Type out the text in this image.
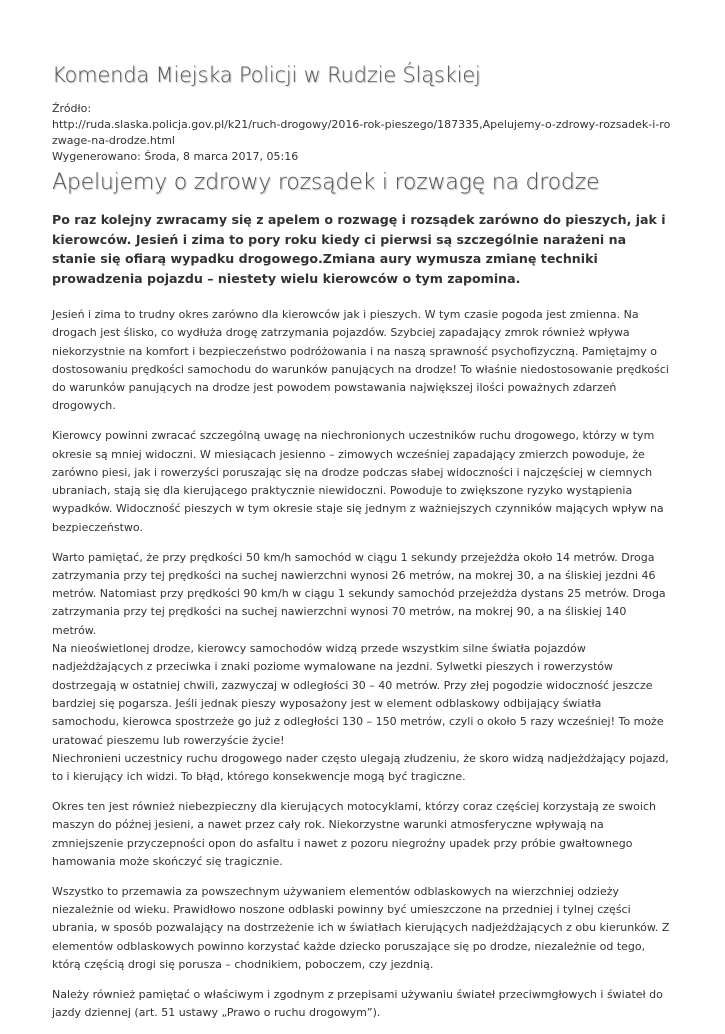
Komenda Miejska Policji w Rudzie Śląskiej
Źródło:
http://ruda.slaska.policja.gov.pl/k21/ruch-drogowy/2016-rok-pieszego/187335,Apelujemy-o-zdrowy-rozsadek-i-rozwage-na-drodze.html
Wygenerowano: Środa, 8 marca 2017, 05:16
Apelujemy o zdrowy rozsądek i rozwagę na drodze
Po raz kolejny zwracamy się z apelem o rozwagę i rozsądek zarówno do pieszych, jak i kierowców. Jesień i zima to pory roku kiedy ci pierwsi są szczególnie narażeni na stanie się ofiarą wypadku drogowego.Zmiana aury wymusza zmianę techniki prowadzenia pojazdu – niestety wielu kierowców o tym zapomina.

Jesień i zima to trudny okres zarówno dla kierowców jak i pieszych. W tym czasie pogoda jest zmienna. Na drogach jest ślisko, co wydłuża drogę zatrzymania pojazdów. Szybciej zapadający zmrok również wpływa niekorzystnie na komfort i bezpieczeństwo podróżowania i na naszą sprawność psychofizyczną. Pamiętajmy o dostosowaniu prędkości samochodu do warunków panujących na drodze! To właśnie niedostosowanie prędkości do warunków panujących na drodze jest powodem powstawania największej ilości poważnych zdarzeń drogowych.

Kierowcy powinni zwracać szczególną uwagę na niechronionych uczestników ruchu drogowego, którzy w tym okresie są mniej widoczni. W miesiącach jesienno – zimowych wcześniej zapadający zmierzch powoduje, że zarówno piesi, jak i rowerzyści poruszając się na drodze podczas słabej widoczności i najczęściej w ciemnych ubraniach, stają się dla kierującego praktycznie niewidoczni. Powoduje to zwiększone ryzyko wystąpienia wypadków. Widoczność pieszych w tym okresie staje się jednym z ważniejszych czynników mających wpływ na bezpieczeństwo.

Warto pamiętać, że przy prędkości 50 km/h samochód w ciągu 1 sekundy przejeżdża około 14 metrów. Droga zatrzymania przy tej prędkości na suchej nawierzchni wynosi 26 metrów, na mokrej 30, a na śliskiej jezdni 46 metrów. Natomiast przy prędkości 90 km/h w ciągu 1 sekundy samochód przejeżdża dystans 25 metrów. Droga zatrzymania przy tej prędkości na suchej nawierzchni wynosi 70 metrów, na mokrej 90, a na śliskiej 140 metrów.
Na nieoświetlonej drodze, kierowcy samochodów widzą przede wszystkim silne światła pojazdów nadjeżdżających z przeciwka i znaki poziome wymalowane na jezdni. Sylwetki pieszych i rowerzystów dostrzegają w ostatniej chwili, zazwyczaj w odległości 30 – 40 metrów. Przy złej pogodzie widoczność jeszcze bardziej się pogarsza. Jeśli jednak pieszy wyposażony jest w element odblaskowy odbijający światła samochodu, kierowca spostrzeże go już z odległości 130 – 150 metrów, czyli o około 5 razy wcześniej! To może uratować pieszemu lub rowerzyście życie!
Niechronieni uczestnicy ruchu drogowego nader często ulegają złudzeniu, że skoro widzą nadjeżdżający pojazd, to i kierujący ich widzi. To błąd, którego konsekwencje mogą być tragiczne.

Okres ten jest również niebezpieczny dla kierujących motocyklami, którzy coraz częściej korzystają ze swoich maszyn do późnej jesieni, a nawet przez cały rok. Niekorzystne warunki atmosferyczne wpływają na zmniejszenie przyczepności opon do asfaltu i nawet z pozoru niegroźny upadek przy próbie gwałtownego hamowania może skończyć się tragicznie.

Wszystko to przemawia za powszechnym używaniem elementów odblaskowych na wierzchniej odzieży niezależnie od wieku. Prawidłowo noszone odblaski powinny być umieszczone na przedniej i tylnej części ubrania, w sposób pozwalający na dostrzeżenie ich w światłach kierujących nadjeżdżających z obu kierunków. Z elementów odblaskowych powinno korzystać każde dziecko poruszające się po drodze, niezależnie od tego, którą częścią drogi się porusza – chodnikiem, poboczem, czy jezdnią.

Należy również pamiętać o właściwym i zgodnym z przepisami używaniu świateł przeciwmgłowych i świateł do jazdy dziennej (art. 51 ustawy „Prawo o ruchu drogowym”).
